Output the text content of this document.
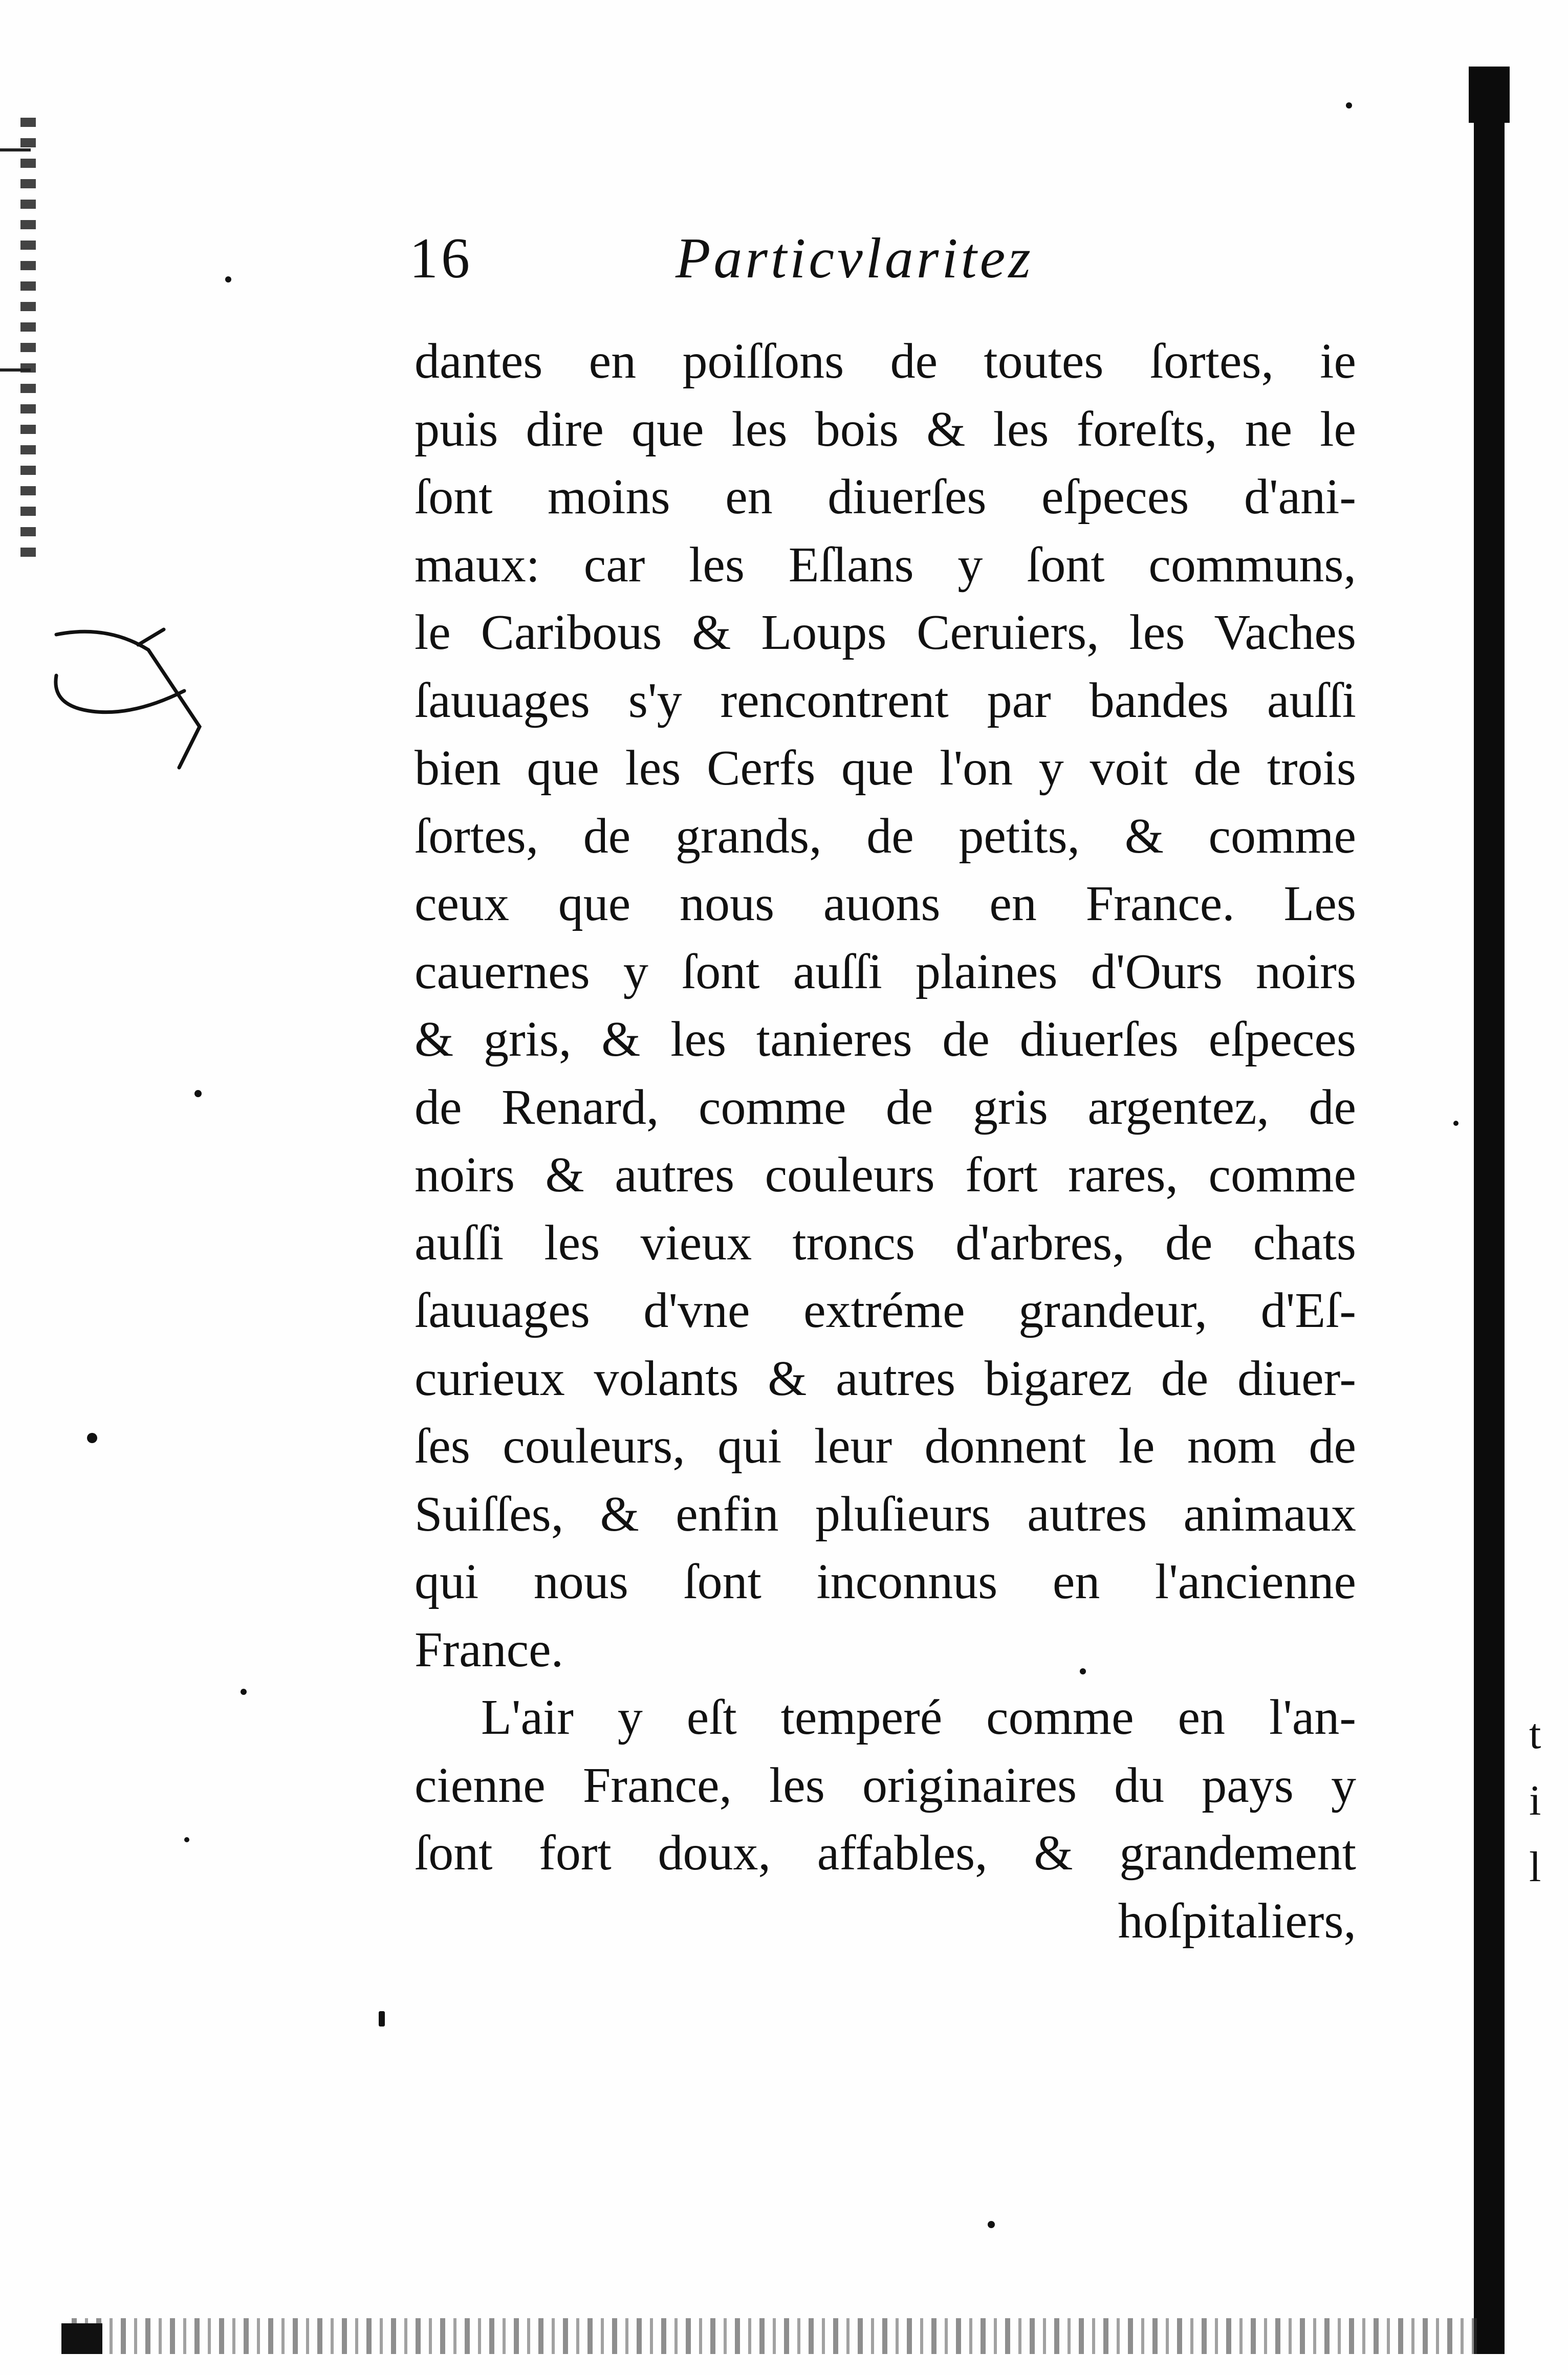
t
i
l
16	Particvlaritez
dantes en poiſſons de toutes ſortes, ie
puis dire que les bois & les foreſts, ne le
ſont moins en diuerſes eſpeces d'ani-
maux: car les Eſlans y ſont communs,
le Caribous & Loups Ceruiers, les Vaches
ſauuages s'y rencontrent par bandes auſſi
bien que les Cerfs que l'on y voit de trois
ſortes, de grands, de petits, & comme
ceux que nous auons en France. Les
cauernes y ſont auſſi plaines d'Ours noirs
& gris, & les tanieres de diuerſes eſpeces
de Renard, comme de gris argentez, de
noirs & autres couleurs fort rares, comme
auſſi les vieux troncs d'arbres, de chats
ſauuages d'vne extréme grandeur, d'Eſ-
curieux volants & autres bigarez de diuer-
ſes couleurs, qui leur donnent le nom de
Suiſſes, & enfin pluſieurs autres animaux
qui nous ſont inconnus en l'ancienne
France.
L'air y eſt temperé comme en l'an-
cienne France, les originaires du pays y
ſont fort doux, affables, & grandement
hoſpitaliers,
